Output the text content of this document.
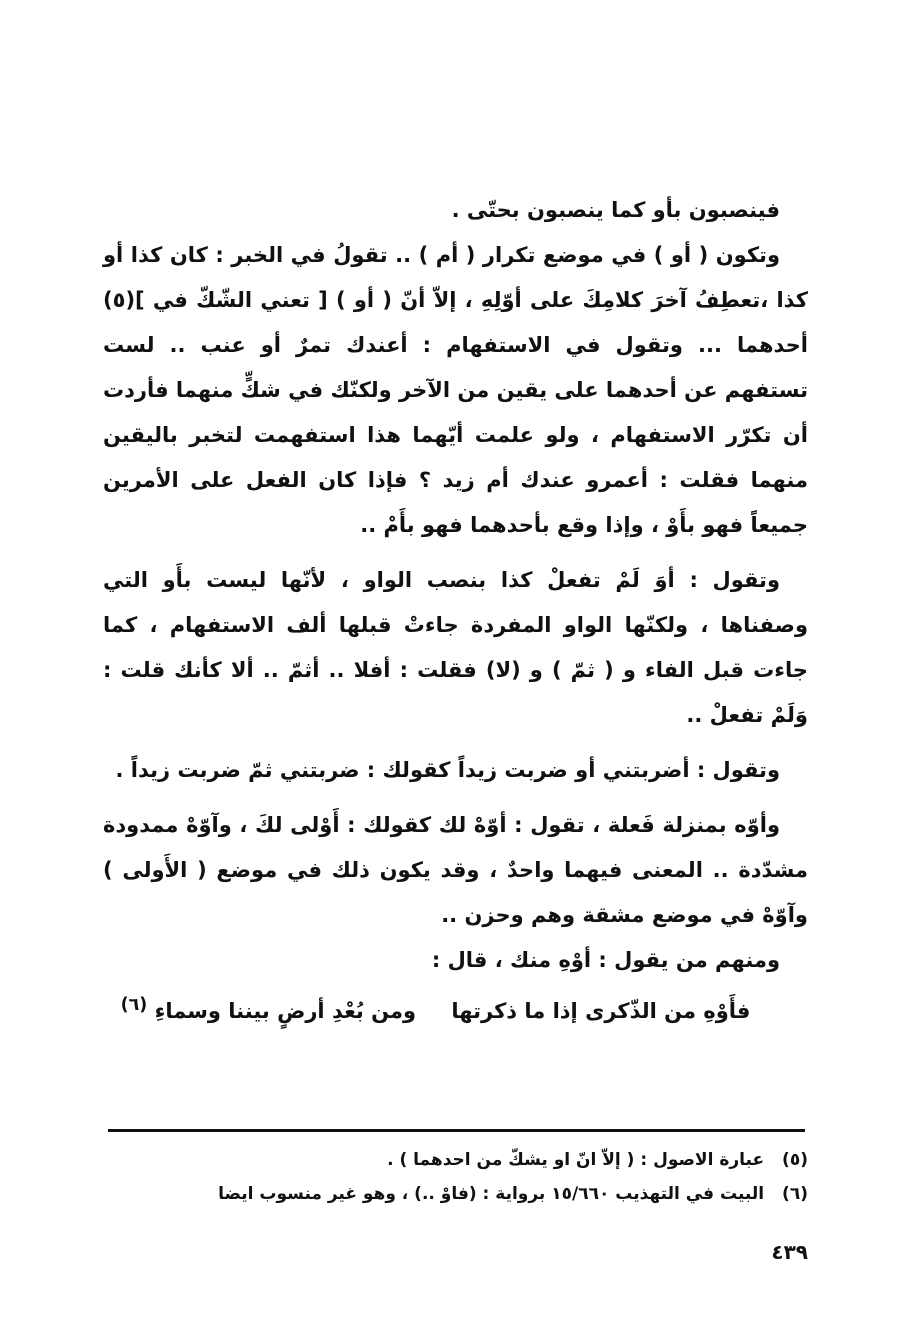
فينصبون بأو كما ينصبون بحتّى .

وتكون ( أو ) في موضع تكرار ( أم ) .. تقولُ في الخبر : كان كذا أو كذا ،تعطِفُ آخرَ كلامِكَ على أوّلِهِ ، إلاّ أنّ ( أو ) [ تعني الشّكّ في ](٥) أحدهما ... وتقول في الاستفهام : أعندك تمرٌ أو عنب .. لست تستفهم عن أحدهما على يقين من الآخر ولكنّك في شكٍّ منهما فأردت أن تكرّر الاستفهام ، ولو علمت أيّهما هذا استفهمت لتخبر باليقين منهما فقلت : أعمرو عندك أم زيد ؟ فإذا كان الفعل على الأمرين جميعاً فهو بأَوْ ، وإذا وقع بأحدهما فهو بأَمْ ..

وتقول : أوَ لَمْ تفعلْ كذا بنصب الواو ، لأنّها ليست بأَو التي وصفناها ، ولكنّها الواو المفردة جاءتْ قبلها ألف الاستفهام ، كما جاءت قبل الفاء و ( ثمّ ) و (لا) فقلت : أفلا .. أثمّ .. ألا كأنك قلت : وَلَمْ تفعلْ ..

وتقول : أضربتني أو ضربت زيداً كقولك : ضربتني ثمّ ضربت زيداً .

وأوّه بمنزلة فَعلة ، تقول : أوّهْ لك كقولك : أَوْلى لكَ ، وآوّهْ ممدودة مشدّدة .. المعنى فيهما واحدٌ ، وقد يكون ذلك في موضع ( الأَولى ) وآوّهْ في موضع مشقة وهم وحزن ..

ومنهم من يقول : أوْهِ منك ، قال :

فأَوْهِ من الذّكرى إذا ما ذكرتها ومن بُعْدِ أرضٍ بيننا وسماءِ $^{(٦)}$

(٥) عبارة الاصول : ( إلاّ انّ او يشكّ من احدهما ) .

(٦) البيت في التهذيب ١٥/٦٦٠ برواية : (فاوْ ..) ، وهو غير منسوب ايضا

٤٣٩
